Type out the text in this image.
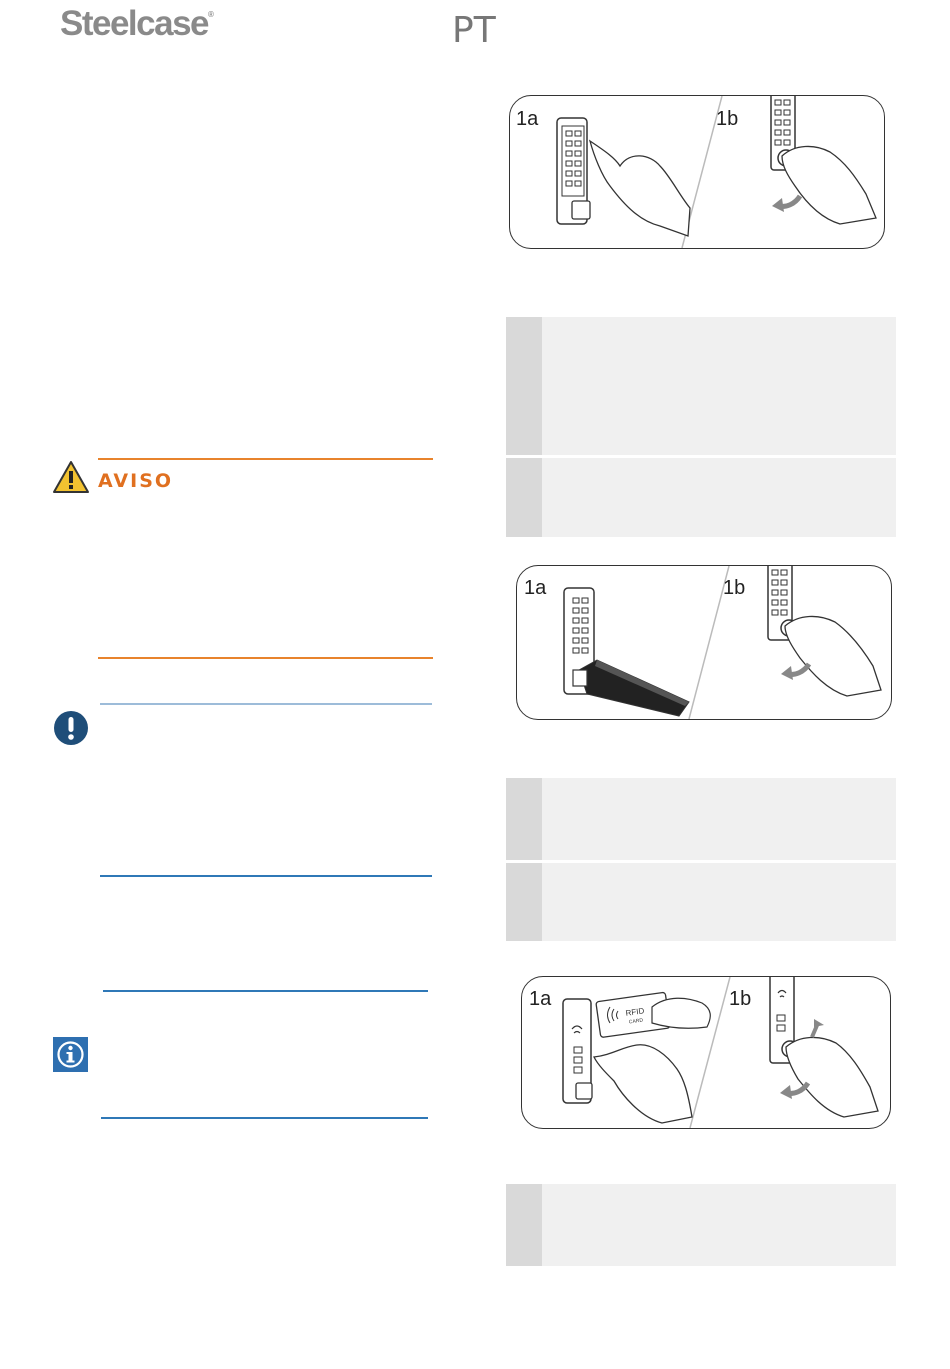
Steelcase®	PT
1a	1b
1a	1b
1a	1b
RFID
CARD
AVISO
